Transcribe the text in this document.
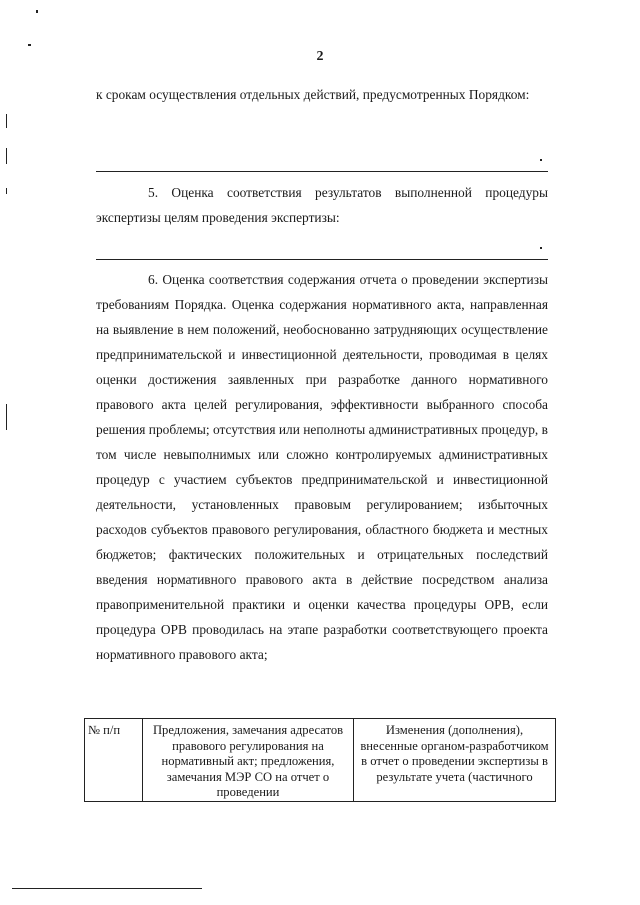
2
к срокам осуществления отдельных действий, предусмотренных Порядком:
5. Оценка соответствия результатов выполненной процедуры экспертизы целям проведения экспертизы:
6. Оценка соответствия содержания отчета о проведении экспертизы требованиям Порядка. Оценка содержания нормативного акта, направленная на выявление в нем положений, необоснованно затрудняющих осуществление предпринимательской и инвестиционной деятельности, проводимая в целях оценки достижения заявленных при разработке данного нормативного правового акта целей регулирования, эффективности выбранного способа решения проблемы; отсутствия или неполноты административных процедур, в том числе невыполнимых или сложно контролируемых административных процедур с участием субъектов предпринимательской и инвестиционной деятельности, установленных правовым регулированием; избыточных расходов субъектов правового регулирования, областного бюджета и местных бюджетов; фактических положительных и отрицательных последствий введения нормативного правового акта в действие посредством анализа правоприменительной практики и оценки качества процедуры ОРВ, если процедура ОРВ проводилась на этапе разработки соответствующего проекта нормативного правового акта;
№ п/п	Предложения, замечания адресатов правового регулирования на нормативный акт; предложения, замечания МЭР СО на отчет о проведении	Изменения (дополнения), внесенные органом-разработчиком в отчет о проведении экспертизы в результате учета (частичного
